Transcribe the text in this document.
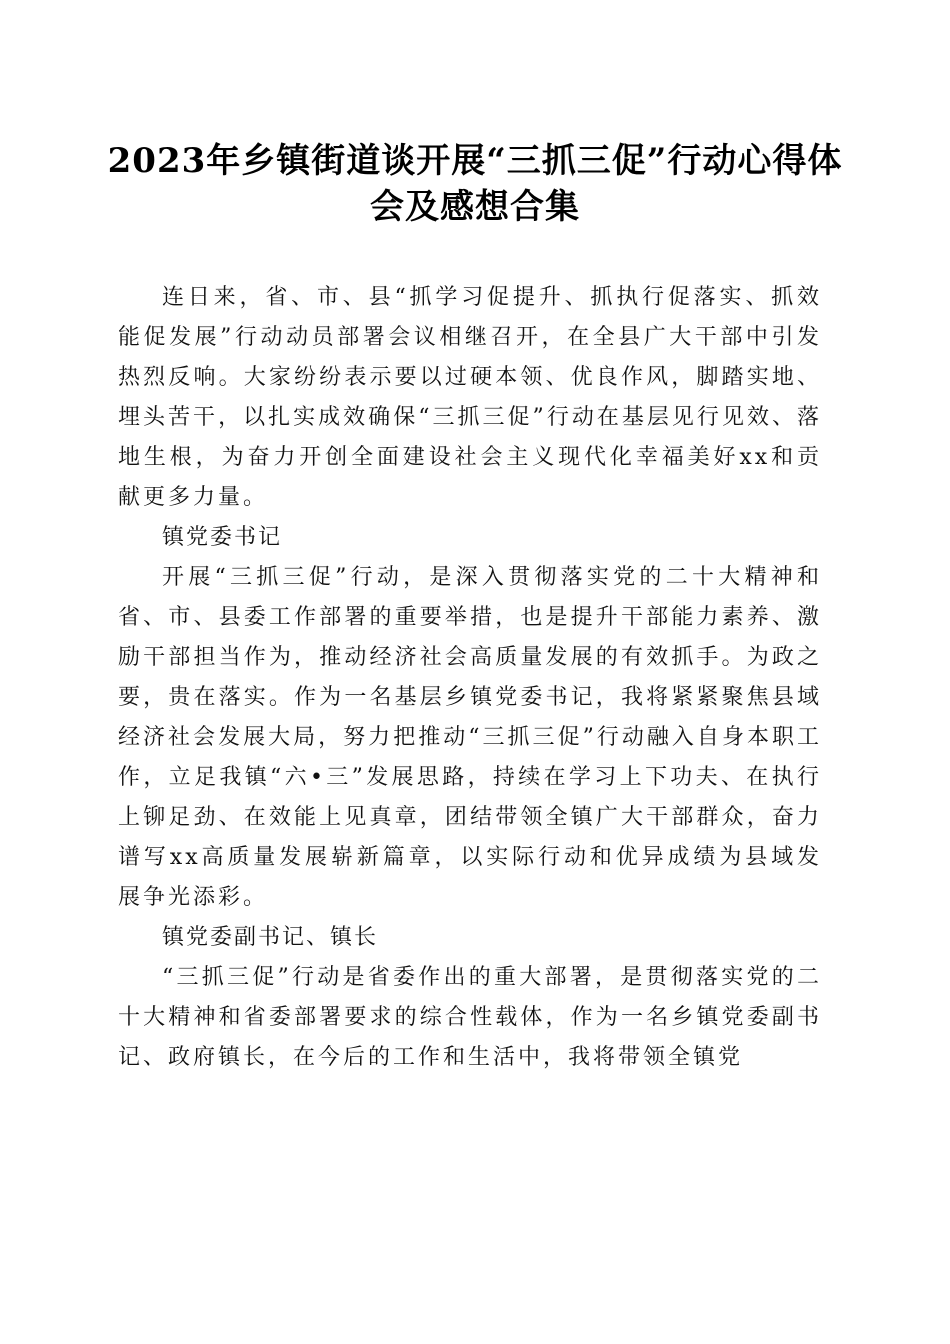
2023年乡镇街道谈开展“三抓三促”行动心得体会及感想合集

连日来，省、市、县“抓学习促提升、抓执行促落实、抓效能促发展”行动动员部署会议相继召开，在全县广大干部中引发热烈反响。大家纷纷表示要以过硬本领、优良作风，脚踏实地、埋头苦干，以扎实成效确保“三抓三促”行动在基层见行见效、落地生根，为奋力开创全面建设社会主义现代化幸福美好xx和贡献更多力量。

镇党委书记

开展“三抓三促”行动，是深入贯彻落实党的二十大精神和省、市、县委工作部署的重要举措，也是提升干部能力素养、激励干部担当作为，推动经济社会高质量发展的有效抓手。为政之要，贵在落实。作为一名基层乡镇党委书记，我将紧紧聚焦县域经济社会发展大局，努力把推动“三抓三促”行动融入自身本职工作，立足我镇“六•三”发展思路，持续在学习上下功夫、在执行上铆足劲、在效能上见真章，团结带领全镇广大干部群众，奋力谱写xx高质量发展崭新篇章，以实际行动和优异成绩为县域发展争光添彩。

镇党委副书记、镇长

“三抓三促”行动是省委作出的重大部署，是贯彻落实党的二十大精神和省委部署要求的综合性载体，作为一名乡镇党委副书记、政府镇长，在今后的工作和生活中，我将带领全镇党
